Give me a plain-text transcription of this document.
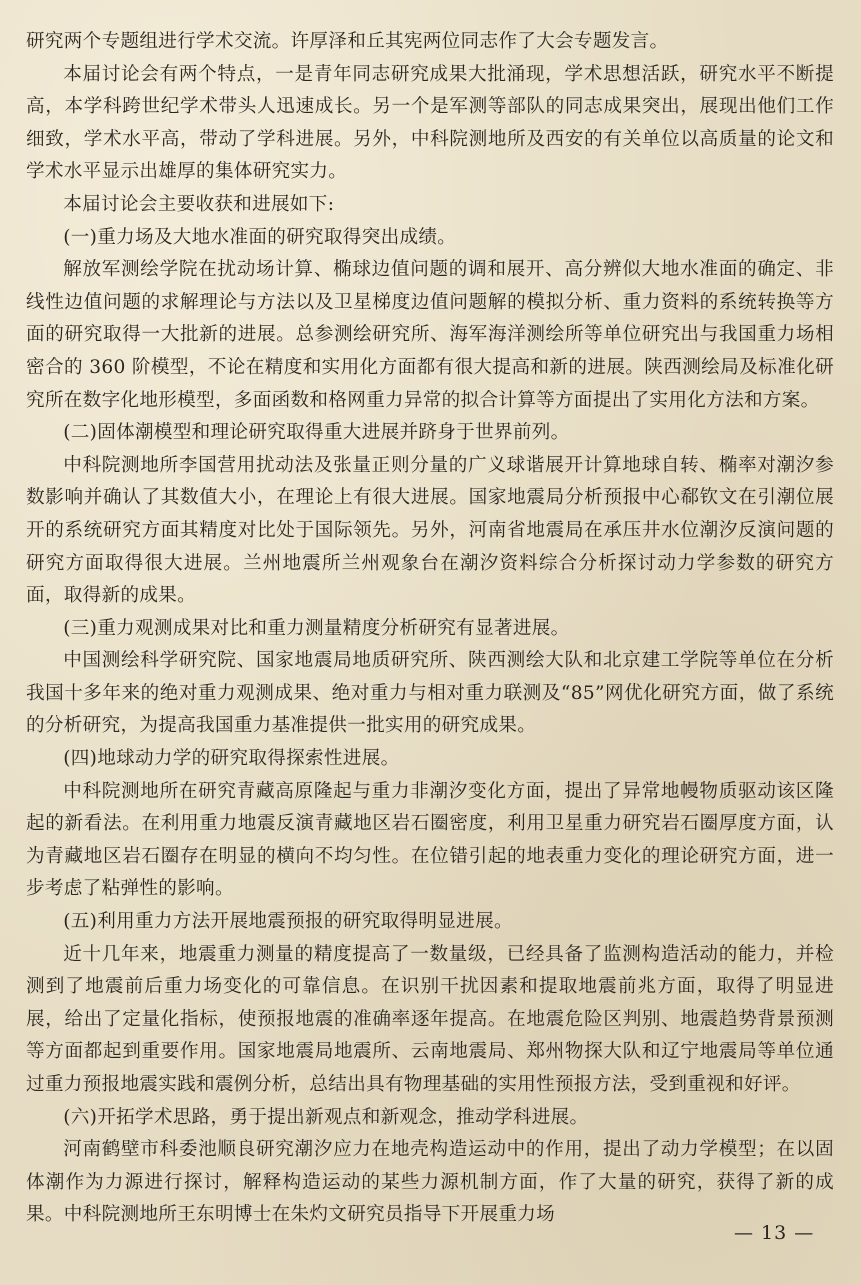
研究两个专题组进行学术交流。许厚泽和丘其宪两位同志作了大会专题发言。

本届讨论会有两个特点，一是青年同志研究成果大批涌现，学术思想活跃，研究水平不断提高，本学科跨世纪学术带头人迅速成长。另一个是军测等部队的同志成果突出，展现出他们工作细致，学术水平高，带动了学科进展。另外，中科院测地所及西安的有关单位以高质量的论文和学术水平显示出雄厚的集体研究实力。

本届讨论会主要收获和进展如下:

(一)重力场及大地水准面的研究取得突出成绩。

解放军测绘学院在扰动场计算、椭球边值问题的调和展开、高分辨似大地水准面的确定、非线性边值问题的求解理论与方法以及卫星梯度边值问题解的模拟分析、重力资料的系统转换等方面的研究取得一大批新的进展。总参测绘研究所、海军海洋测绘所等单位研究出与我国重力场相密合的 360 阶模型，不论在精度和实用化方面都有很大提高和新的进展。陕西测绘局及标准化研究所在数字化地形模型，多面函数和格网重力异常的拟合计算等方面提出了实用化方法和方案。

(二)固体潮模型和理论研究取得重大进展并跻身于世界前列。

中科院测地所李国营用扰动法及张量正则分量的广义球谐展开计算地球自转、椭率对潮汐参数影响并确认了其数值大小，在理论上有很大进展。国家地震局分析预报中心郗钦文在引潮位展开的系统研究方面其精度对比处于国际领先。另外，河南省地震局在承压井水位潮汐反演问题的研究方面取得很大进展。兰州地震所兰州观象台在潮汐资料综合分析探讨动力学参数的研究方面，取得新的成果。

(三)重力观测成果对比和重力测量精度分析研究有显著进展。

中国测绘科学研究院、国家地震局地质研究所、陕西测绘大队和北京建工学院等单位在分析我国十多年来的绝对重力观测成果、绝对重力与相对重力联测及“85”网优化研究方面，做了系统的分析研究，为提高我国重力基准提供一批实用的研究成果。

(四)地球动力学的研究取得探索性进展。

中科院测地所在研究青藏高原隆起与重力非潮汐变化方面，提出了异常地幔物质驱动该区隆起的新看法。在利用重力地震反演青藏地区岩石圈密度，利用卫星重力研究岩石圈厚度方面，认为青藏地区岩石圈存在明显的横向不均匀性。在位错引起的地表重力变化的理论研究方面，进一步考虑了粘弹性的影响。

(五)利用重力方法开展地震预报的研究取得明显进展。

近十几年来，地震重力测量的精度提高了一数量级，已经具备了监测构造活动的能力，并检测到了地震前后重力场变化的可靠信息。在识别干扰因素和提取地震前兆方面，取得了明显进展，给出了定量化指标，使预报地震的准确率逐年提高。在地震危险区判别、地震趋势背景预测等方面都起到重要作用。国家地震局地震所、云南地震局、郑州物探大队和辽宁地震局等单位通过重力预报地震实践和震例分析，总结出具有物理基础的实用性预报方法，受到重视和好评。

(六)开拓学术思路，勇于提出新观点和新观念，推动学科进展。

河南鹤壁市科委池顺良研究潮汐应力在地壳构造运动中的作用，提出了动力学模型；在以固体潮作为力源进行探讨，解释构造运动的某些力源机制方面，作了大量的研究，获得了新的成果。中科院测地所王东明博士在朱灼文研究员指导下开展重力场

— 13 —
